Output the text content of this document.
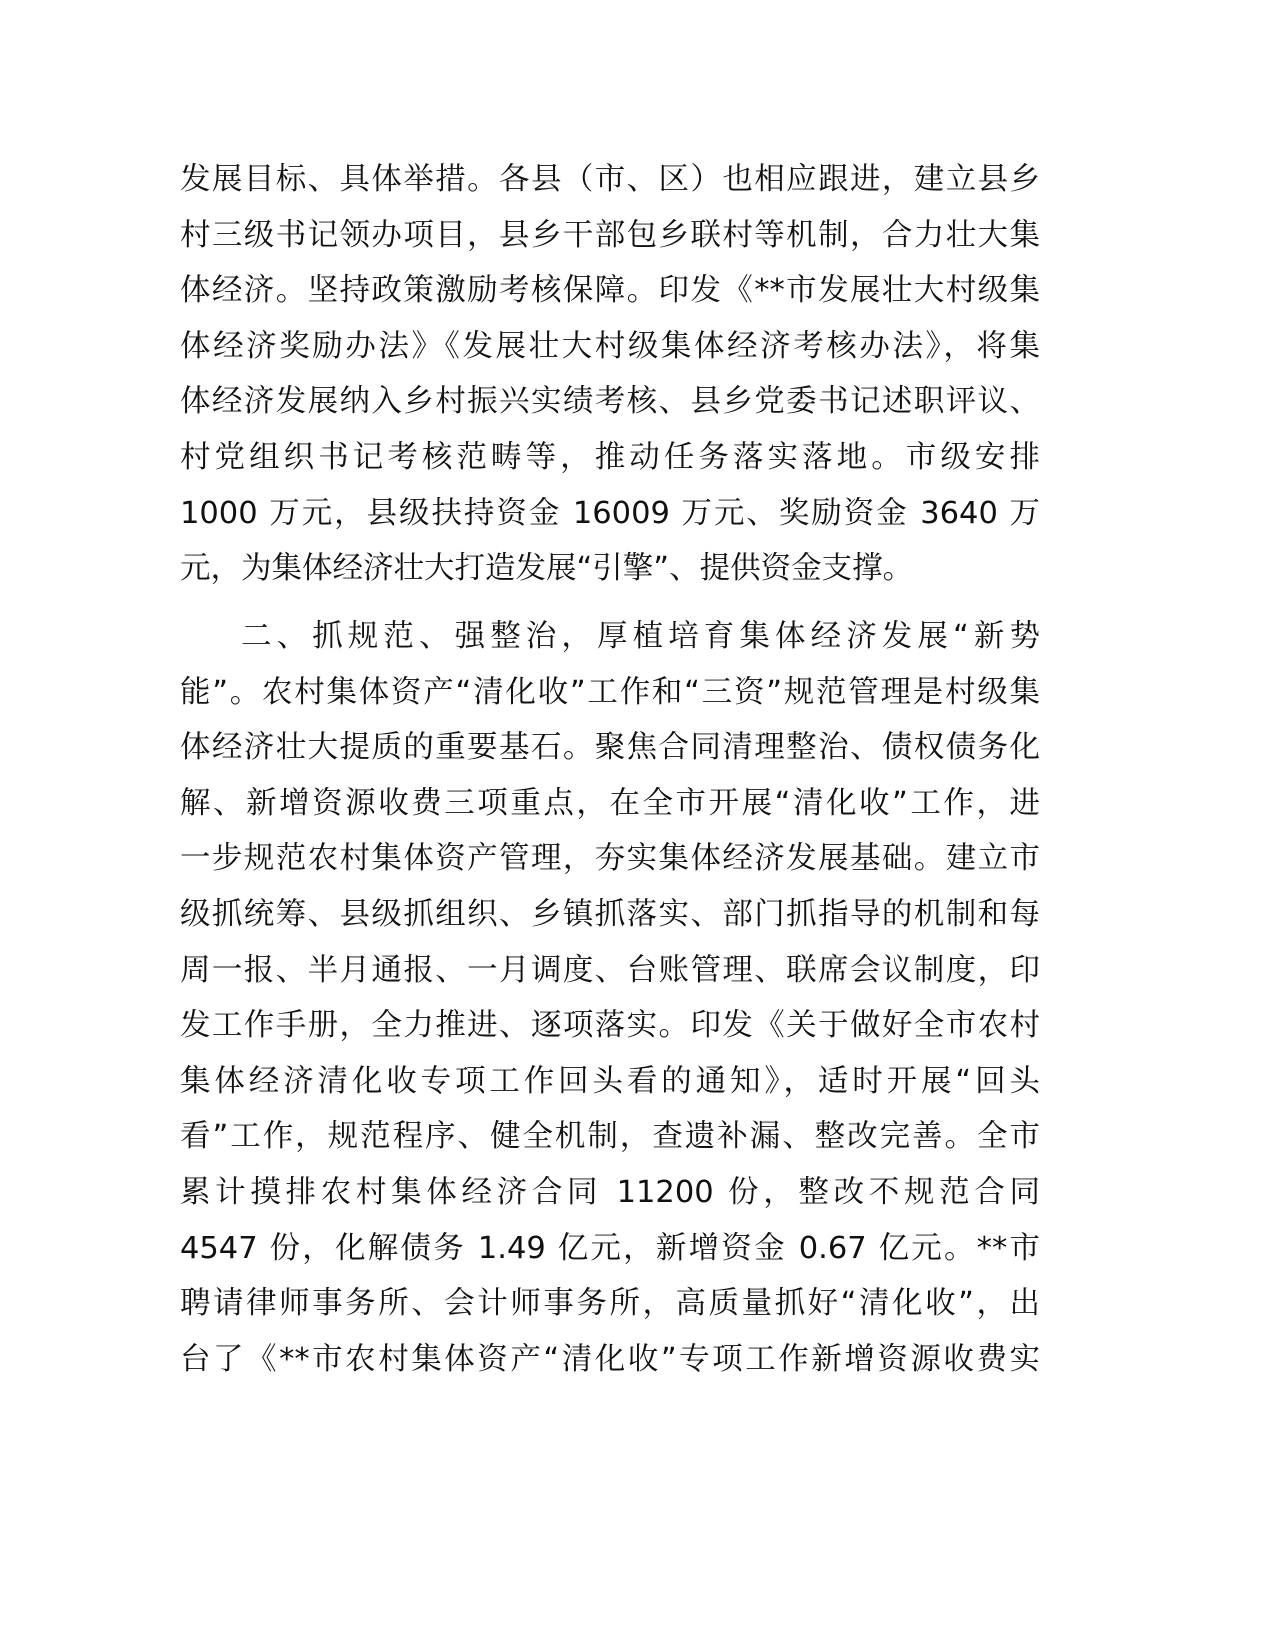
发展目标、具体举措。各县（市、区）也相应跟进，建立县乡
村三级书记领办项目，县乡干部包乡联村等机制，合力壮大集
体经济。坚持政策激励考核保障。印发《**市发展壮大村级集
体经济奖励办法》《发展壮大村级集体经济考核办法》，将集
体经济发展纳入乡村振兴实绩考核、县乡党委书记述职评议、
村党组织书记考核范畴等，推动任务落实落地。市级安排
1000 万元，县级扶持资金 16009 万元、奖励资金 3640 万
元，为集体经济壮大打造发展“引擎”、提供资金支撑。
二、抓规范、强整治，厚植培育集体经济发展“新势
能”。农村集体资产“清化收”工作和“三资”规范管理是村级集
体经济壮大提质的重要基石。聚焦合同清理整治、债权债务化
解、新增资源收费三项重点，在全市开展“清化收”工作，进
一步规范农村集体资产管理，夯实集体经济发展基础。建立市
级抓统筹、县级抓组织、乡镇抓落实、部门抓指导的机制和每
周一报、半月通报、一月调度、台账管理、联席会议制度，印
发工作手册，全力推进、逐项落实。印发《关于做好全市农村
集体经济清化收专项工作回头看的通知》，适时开展“回头
看”工作，规范程序、健全机制，查遗补漏、整改完善。全市
累计摸排农村集体经济合同 11200 份，整改不规范合同
4547 份，化解债务 1.49 亿元，新增资金 0.67 亿元。**市
聘请律师事务所、会计师事务所，高质量抓好“清化收”，出
台了《**市农村集体资产“清化收”专项工作新增资源收费实
